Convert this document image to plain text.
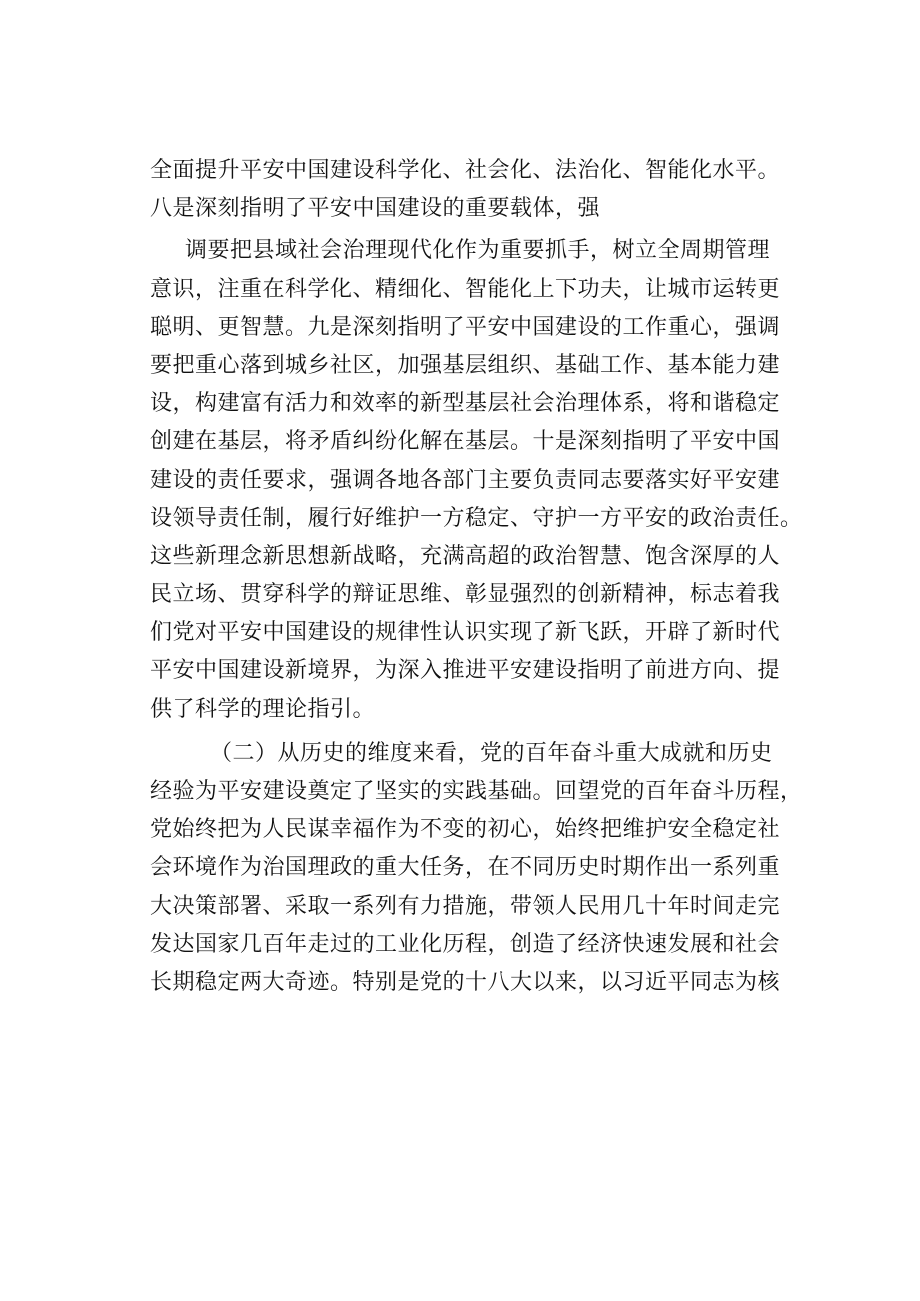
全面提升平安中国建设科学化、社会化、法治化、智能化水平。
八是深刻指明了平安中国建设的重要载体，强
调要把县域社会治理现代化作为重要抓手，树立全周期管理
意识，注重在科学化、精细化、智能化上下功夫，让城市运转更
聪明、更智慧。九是深刻指明了平安中国建设的工作重心，强调
要把重心落到城乡社区，加强基层组织、基础工作、基本能力建
设，构建富有活力和效率的新型基层社会治理体系，将和谐稳定
创建在基层，将矛盾纠纷化解在基层。十是深刻指明了平安中国
建设的责任要求，强调各地各部门主要负责同志要落实好平安建
设领导责任制，履行好维护一方稳定、守护一方平安的政治责任。
这些新理念新思想新战略，充满高超的政治智慧、饱含深厚的人
民立场、贯穿科学的辩证思维、彰显强烈的创新精神，标志着我
们党对平安中国建设的规律性认识实现了新飞跃，开辟了新时代
平安中国建设新境界，为深入推进平安建设指明了前进方向、提
供了科学的理论指引。
（二）从历史的维度来看，党的百年奋斗重大成就和历史
经验为平安建设奠定了坚实的实践基础。回望党的百年奋斗历程，
党始终把为人民谋幸福作为不变的初心，始终把维护安全稳定社
会环境作为治国理政的重大任务，在不同历史时期作出一系列重
大决策部署、采取一系列有力措施，带领人民用几十年时间走完
发达国家几百年走过的工业化历程，创造了经济快速发展和社会
长期稳定两大奇迹。特别是党的十八大以来，以习近平同志为核
